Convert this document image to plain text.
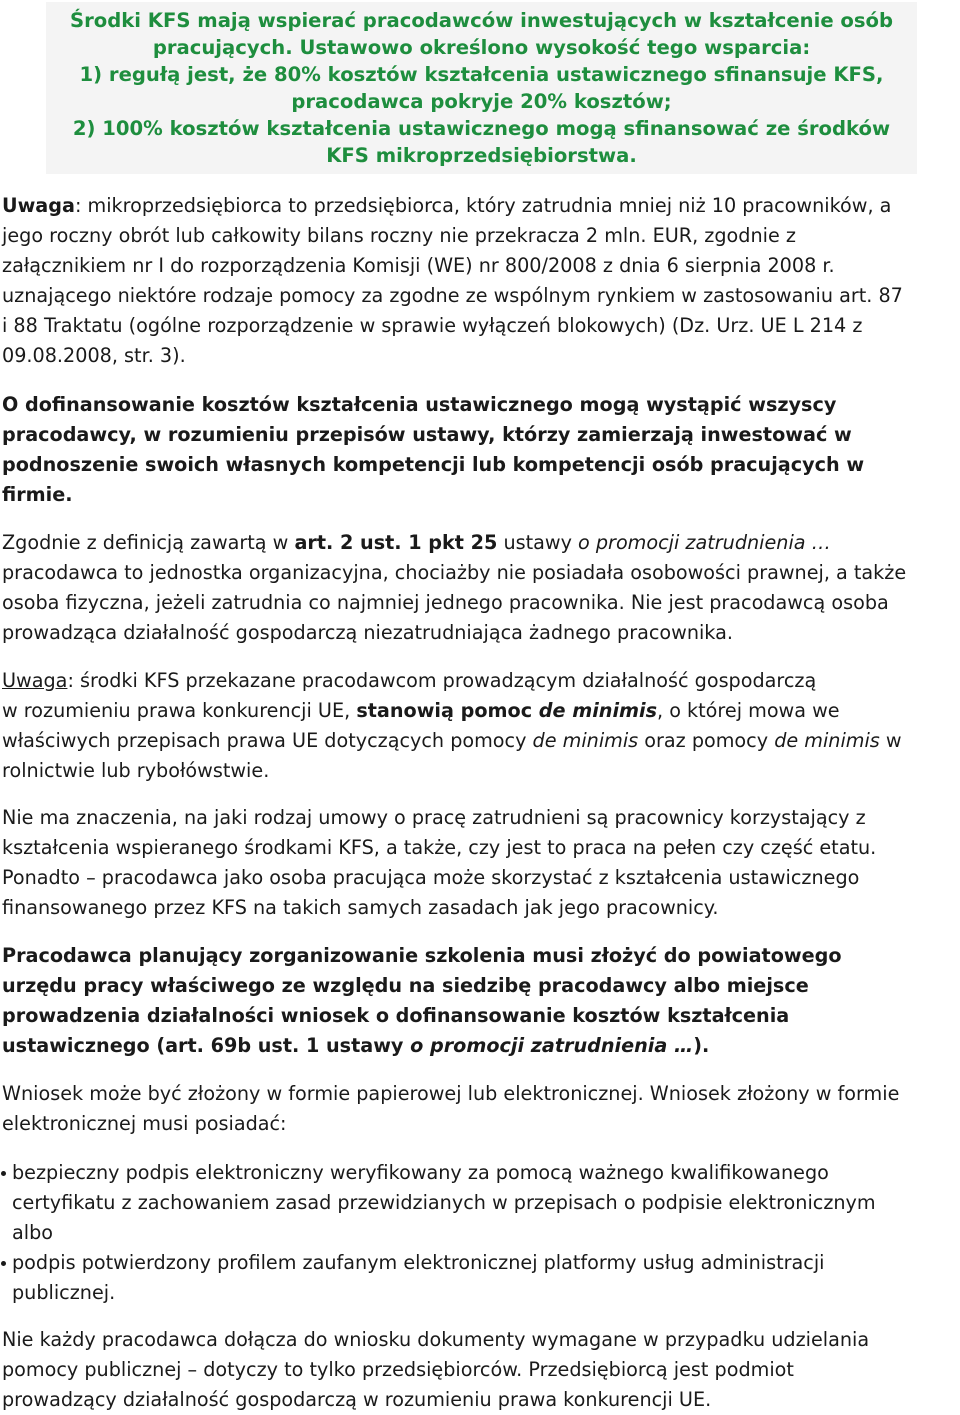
Środki KFS mają wspierać pracodawców inwestujących w kształcenie osób
pracujących. Ustawowo określono wysokość tego wsparcia:
1) regułą jest, że 80% kosztów kształcenia ustawicznego sfinansuje KFS,
pracodawca pokryje 20% kosztów;
2) 100% kosztów kształcenia ustawicznego mogą sfinansować ze środków
KFS mikroprzedsiębiorstwa.
Uwaga: mikroprzedsiębiorca to przedsiębiorca, który zatrudnia mniej niż 10 pracowników, a
jego roczny obrót lub całkowity bilans roczny nie przekracza 2 mln. EUR, zgodnie z
załącznikiem nr I do rozporządzenia Komisji (WE) nr 800/2008 z dnia 6 sierpnia 2008 r.
uznającego niektóre rodzaje pomocy za zgodne ze wspólnym rynkiem w zastosowaniu art. 87
i 88 Traktatu (ogólne rozporządzenie w sprawie wyłączeń blokowych) (Dz. Urz. UE L 214 z
09.08.2008, str. 3).
O dofinansowanie kosztów kształcenia ustawicznego mogą wystąpić wszyscy
pracodawcy, w rozumieniu przepisów ustawy, którzy zamierzają inwestować w
podnoszenie swoich własnych kompetencji lub kompetencji osób pracujących w
firmie.
Zgodnie z definicją zawartą w art. 2 ust. 1 pkt 25 ustawy o promocji zatrudnienia …
pracodawca to jednostka organizacyjna, chociażby nie posiadała osobowości prawnej, a także
osoba fizyczna, jeżeli zatrudnia co najmniej jednego pracownika. Nie jest pracodawcą osoba
prowadząca działalność gospodarczą niezatrudniająca żadnego pracownika.
Uwaga: środki KFS przekazane pracodawcom prowadzącym działalność gospodarczą
w rozumieniu prawa konkurencji UE, stanowią pomoc de minimis, o której mowa we
właściwych przepisach prawa UE dotyczących pomocy de minimis oraz pomocy de minimis w
rolnictwie lub rybołówstwie.
Nie ma znaczenia, na jaki rodzaj umowy o pracę zatrudnieni są pracownicy korzystający z
kształcenia wspieranego środkami KFS, a także, czy jest to praca na pełen czy część etatu.
Ponadto – pracodawca jako osoba pracująca może skorzystać z kształcenia ustawicznego
finansowanego przez KFS na takich samych zasadach jak jego pracownicy.
Pracodawca planujący zorganizowanie szkolenia musi złożyć do powiatowego
urzędu pracy właściwego ze względu na siedzibę pracodawcy albo miejsce
prowadzenia działalności wniosek o dofinansowanie kosztów kształcenia
ustawicznego (art. 69b ust. 1 ustawy o promocji zatrudnienia …).
Wniosek może być złożony w formie papierowej lub elektronicznej. Wniosek złożony w formie
elektronicznej musi posiadać:
bezpieczny podpis elektroniczny weryfikowany za pomocą ważnego kwalifikowanego
certyfikatu z zachowaniem zasad przewidzianych w przepisach o podpisie elektronicznym
albo
podpis potwierdzony profilem zaufanym elektronicznej platformy usług administracji
publicznej.
Nie każdy pracodawca dołącza do wniosku dokumenty wymagane w przypadku udzielania
pomocy publicznej – dotyczy to tylko przedsiębiorców. Przedsiębiorcą jest podmiot
prowadzący działalność gospodarczą w rozumieniu prawa konkurencji UE.
